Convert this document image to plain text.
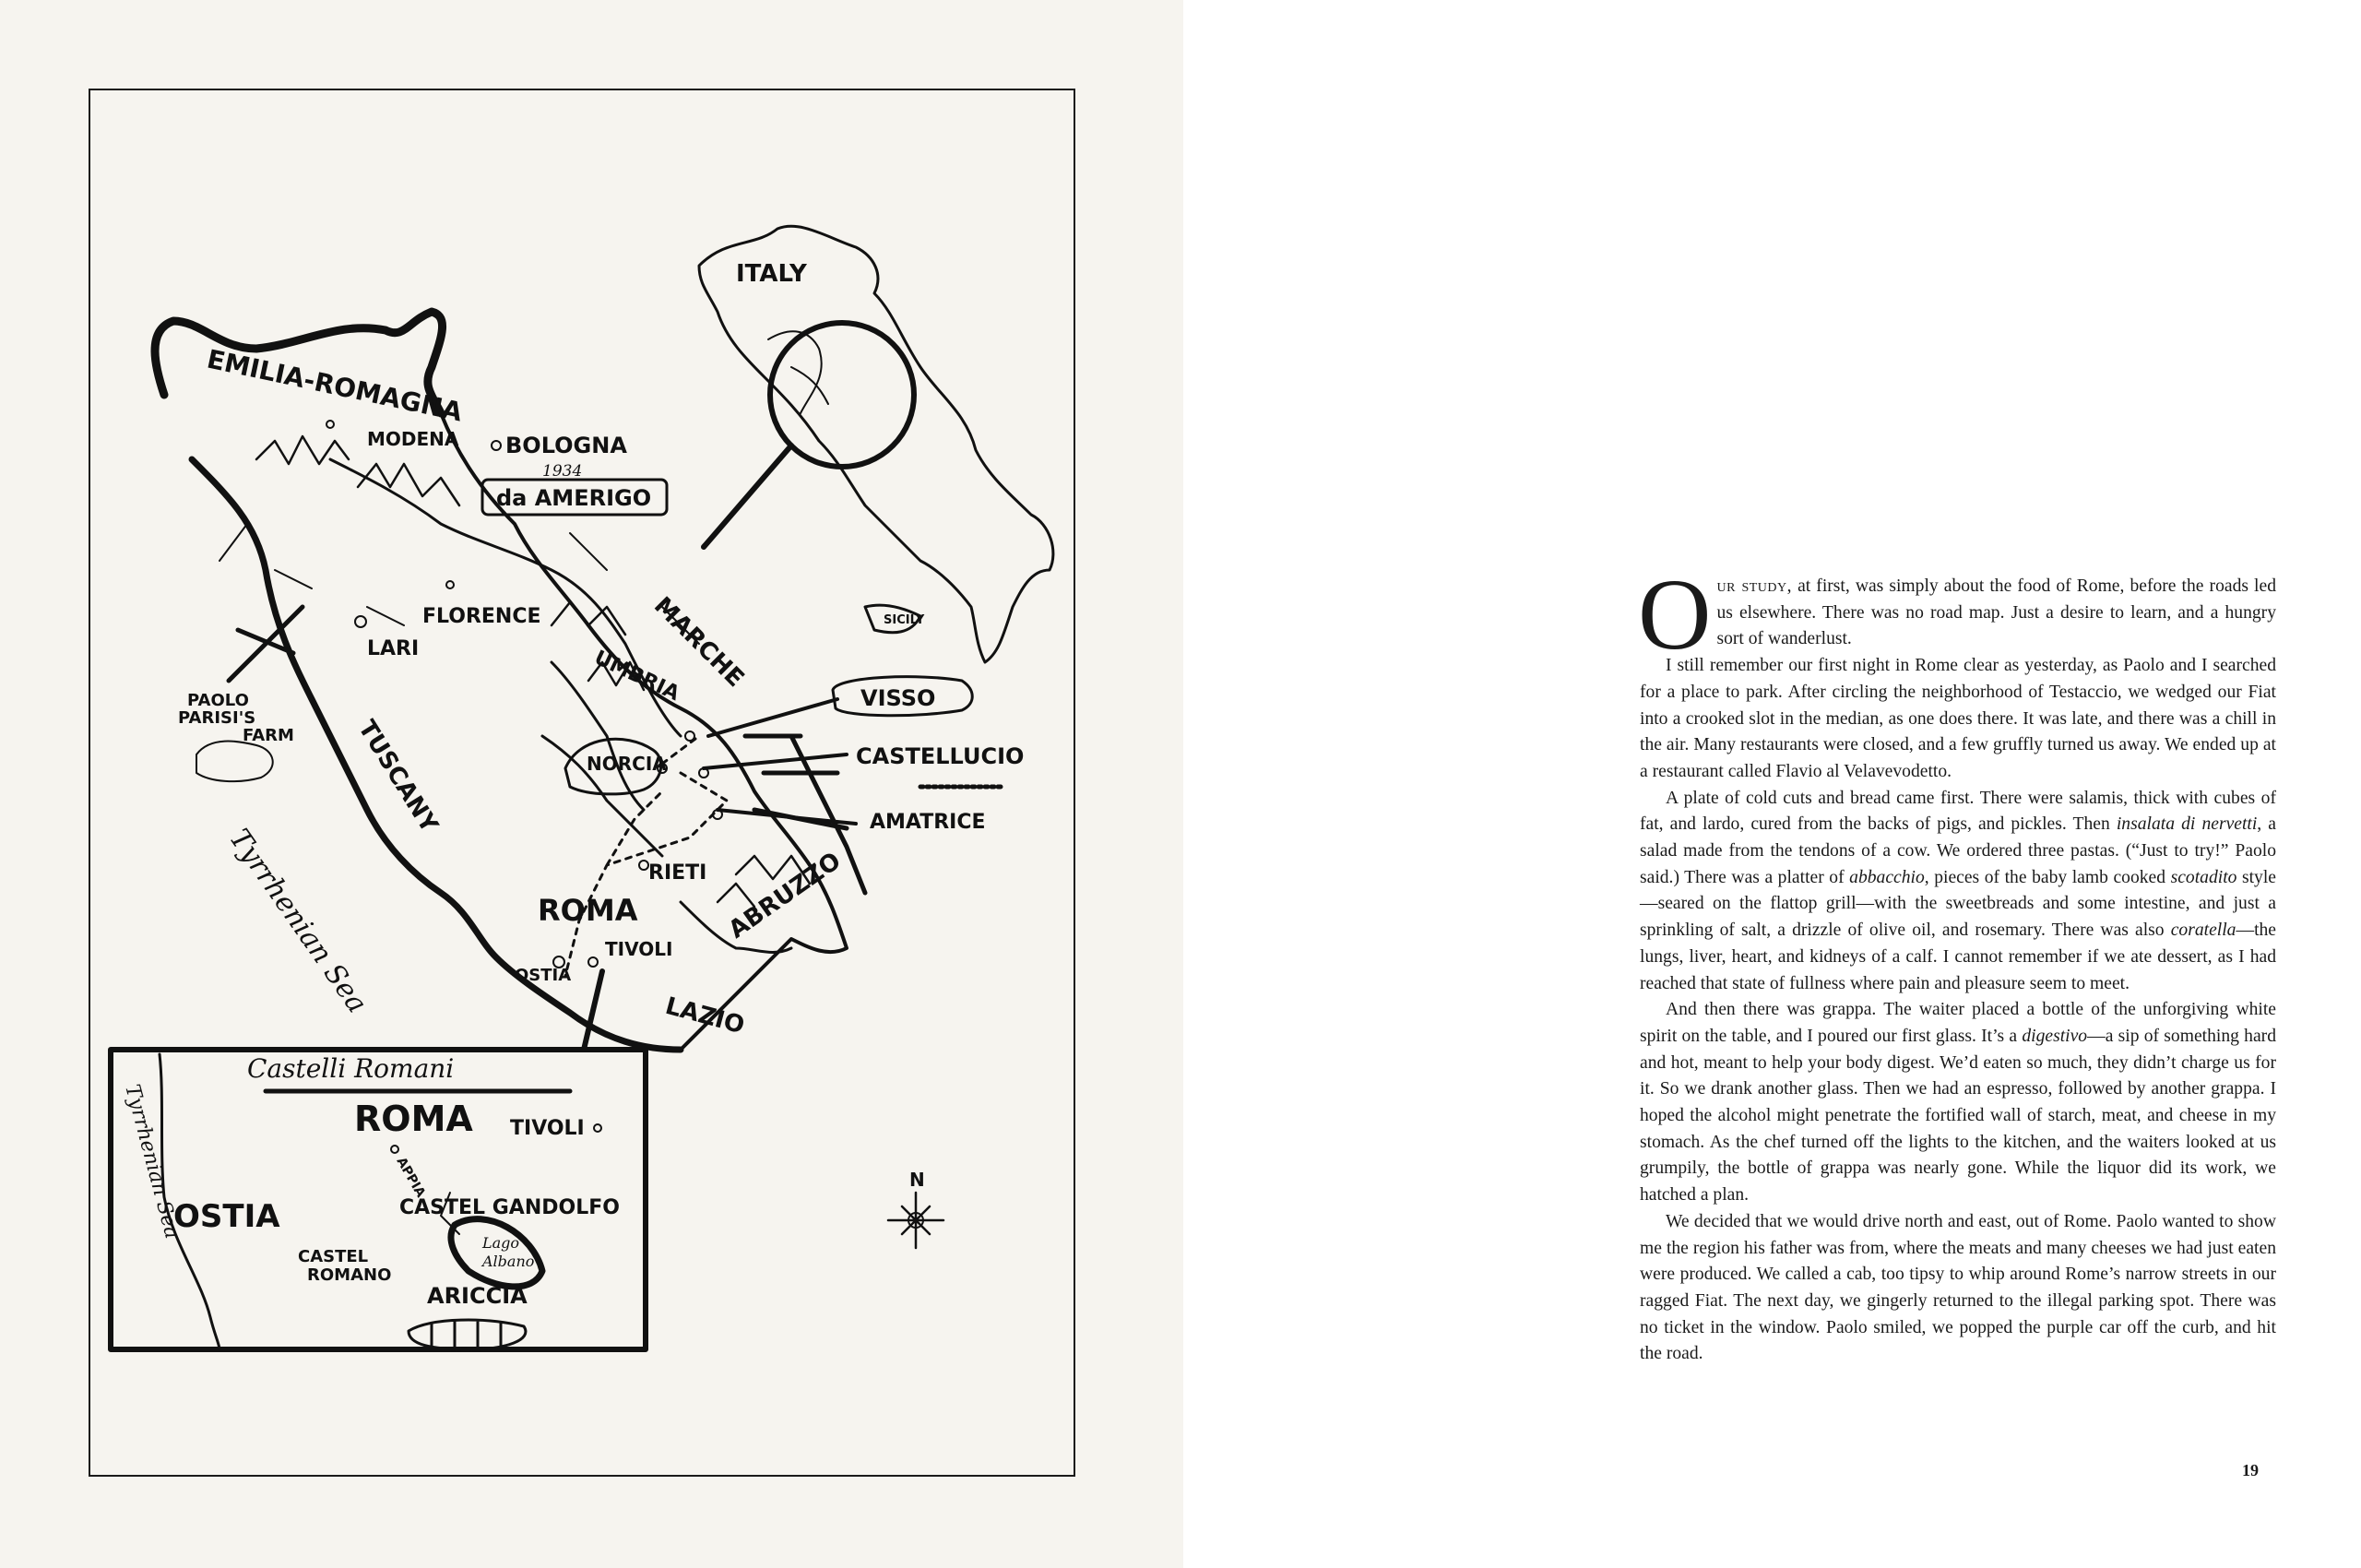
ITALY
SICILY
EMILIA-ROMAGNA
MARCHE
UMBRIA
TUSCANY
ABRUZZO
LAZIO
MODENA BOLOGNA
1934
da AMERIGO
FLORENCE
LARI
PAOLO
PARISI'S
FARM
NORCIA
VISSO
CASTELLUCIO
AMATRICE
RIETI
ROMA
TIVOLI
OSTIA
Tyrrhenian Sea
N
Castelli Romani
Tyrrhenian Sea	ROMA TIVOLI
APPIA
CASTEL GANDOLFO
Lago
Albano
OSTIA
CASTEL
ROMANO
ARICCIA

Our study, at first, was simply about the food of Rome, before the roads led us elsewhere. There was no road map. Just a desire to learn, and a hungry sort of wanderlust.

I still remember our first night in Rome clear as yesterday, as Paolo and I searched for a place to park. After circling the neighborhood of Testaccio, we wedged our Fiat into a crooked slot in the median, as one does there. It was late, and there was a chill in the air. Many restaurants were closed, and a few gruffly turned us away. We ended up at a restaurant called Flavio al Velavevodetto.

A plate of cold cuts and bread came first. There were salamis, thick with cubes of fat, and lardo, cured from the backs of pigs, and pickles. Then insalata di nervetti, a salad made from the tendons of a cow. We ordered three pastas. (“Just to try!” Paolo said.) There was a platter of abbacchio, pieces of the baby lamb cooked scotadito style—seared on the flattop grill—with the sweetbreads and some intestine, and just a sprinkling of salt, a drizzle of olive oil, and rosemary. There was also coratella—the lungs, liver, heart, and kidneys of a calf. I cannot remember if we ate dessert, as I had reached that state of fullness where pain and pleasure seem to meet.

And then there was grappa. The waiter placed a bottle of the unforgiving white spirit on the table, and I poured our first glass. It’s a digestivo—a sip of something hard and hot, meant to help your body digest. We’d eaten so much, they didn’t charge us for it. So we drank another glass. Then we had an espresso, followed by another grappa. I hoped the alcohol might penetrate the fortified wall of starch, meat, and cheese in my stomach. As the chef turned off the lights to the kitchen, and the waiters looked at us grumpily, the bottle of grappa was nearly gone. While the liquor did its work, we hatched a plan.

We decided that we would drive north and east, out of Rome. Paolo wanted to show me the region his father was from, where the meats and many cheeses we had just eaten were produced. We called a cab, too tipsy to whip around Rome’s narrow streets in our ragged Fiat. The next day, we gingerly returned to the illegal parking spot. There was no ticket in the window. Paolo smiled, we popped the purple car off the curb, and hit the road.

19
